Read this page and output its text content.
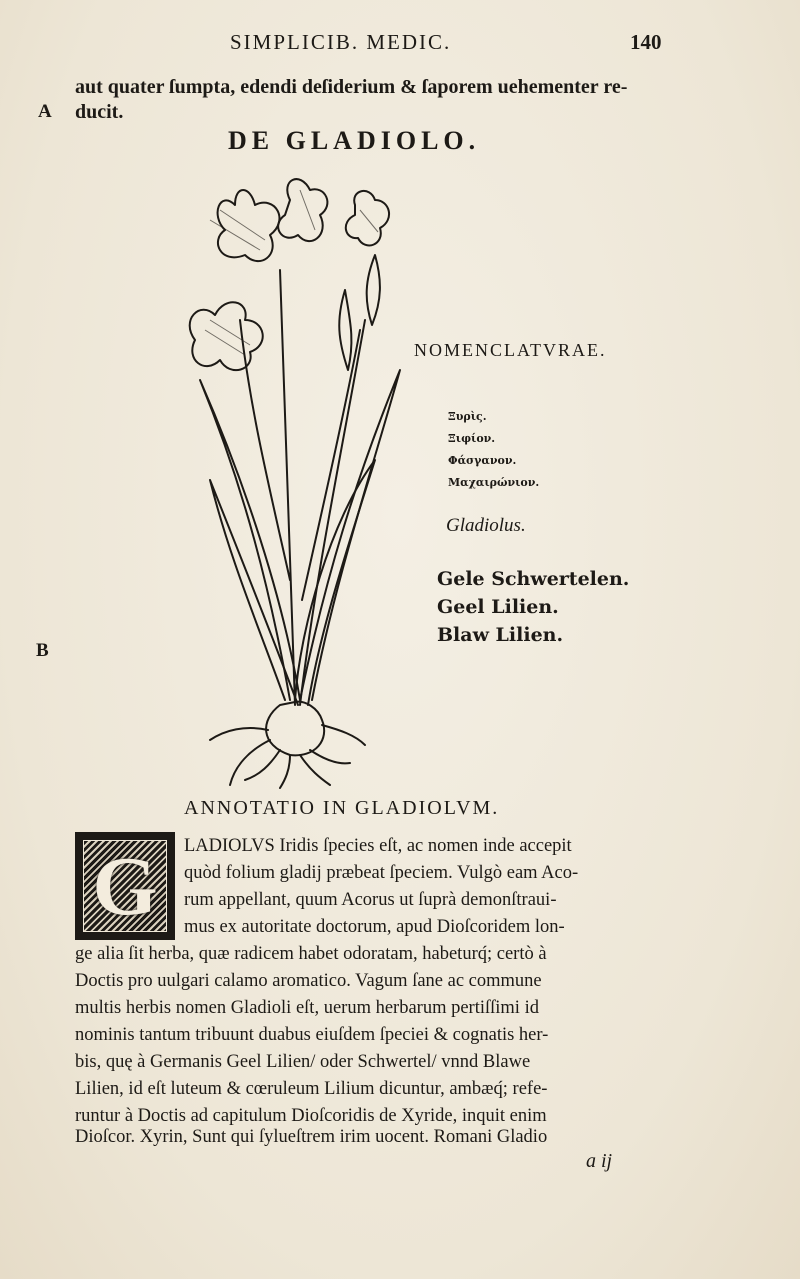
SIMPLICIB. MEDIC.	140
aut quater ſumpta, edendi deſiderium & ſaporem uehementer re-
A ducit.
DE GLADIOLO.
NOMENCLATVRAE.
Ξυρὶς.
Ξιφίον.
Φάσγανον.
Μαχαιρώνιον.
Gladiolus.
Gele Schwertelen.
Geel Lilien.
Blaw Lilien.
B
ANNOTATIO IN GLADIOLVM.
G	LADIOLVS Iridis ſpecies eſt, ac nomen inde accepit
quòd folium gladij præbeat ſpeciem. Vulgò eam Aco-
rum appellant, quum Acorus ut ſuprà demonſtraui-
mus ex autoritate doctorum, apud Dioſcoridem lon-
ge alia ſit herba, quæ radicem habet odoratam, habeturq́; certò à
Doctis pro uulgari calamo aromatico. Vagum ſane ac commune
multis herbis nomen Gladioli eſt, uerum herbarum pertiſſimi id
nominis tantum tribuunt duabus eiuſdem ſpeciei & cognatis her-
bis, quę à Germanis Geel Lilien/ oder Schwertel/ vnnd Blawe
Lilien, id eſt luteum & cœruleum Lilium dicuntur, ambæq́; refe-
runtur à Doctis ad capitulum Dioſcoridis de Xyride, inquit enim
Dioſcor. Xyrin, Sunt qui ſylueſtrem irim uocent. Romani Gladio
a ij
